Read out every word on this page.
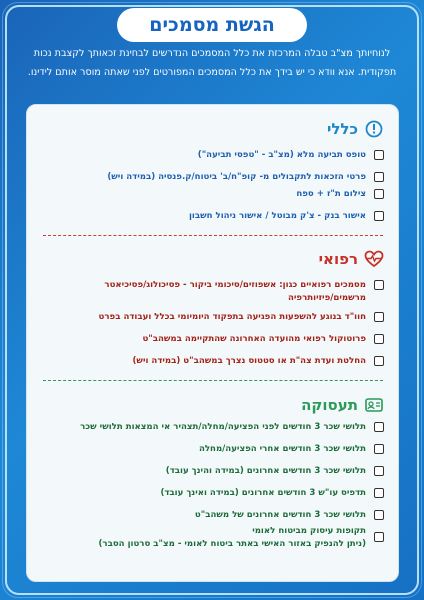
הגשת מסמכים
לנוחיותך מצ"ב טבלה המרכזת את כלל המסמכים הנדרשים לבחינת זכאותך לקצבת נכות תפקודית. אנא וודא כי יש בידך את כלל המסמכים המפורטים לפני שאתה מוסר אותם לידינו.
כללי
טופס תביעה מלא (מצ"ב - "טפסי תביעה")
פרטי הזכאות לתקבולים מ- קופ"ח/ב' ביטוח/ק.פנסיה (במידה ויש)
צילום ת"ז + ספח
אישור בנק - צ'ק מבוטל / אישור ניהול חשבון
רפואי
מסמכים רפואיים כגון: אשפוזים/סיכומי ביקור - פסיכולוג/פסיכיאטר מרשמים/פיזיותרפיה
חוו"ד בנוגע להשפעות הפגיעה בתפקוד היומיומי בכלל ועבודה בפרט
פרוטוקול רפואי מהועדה האחרונה שהתקיימה במשהב"ט
החלטת ועדת צה"ת או סטטוס נצרך במשהב"ט (במידה ויש)
תעסוקה
תלושי שכר 3 חודשים לפני הפציעה/מחלה/תצהיר אי המצאות תלושי שכר
תלושי שכר 3 חודשים אחרי הפציעה/מחלה
תלושי שכר 3 חודשים אחרונים (במידה והינך עובד)
תדפיס עו"ש 3 חודשים אחרונים (במידה ואינך עובד)
תלושי שכר 3 חודשים אחרונים של משהב"ט
תקופות עיסוק מביטוח לאומי
(ניתן להנפיק באזור האישי באתר ביטוח לאומי - מצ"ב סרטון הסבר)
